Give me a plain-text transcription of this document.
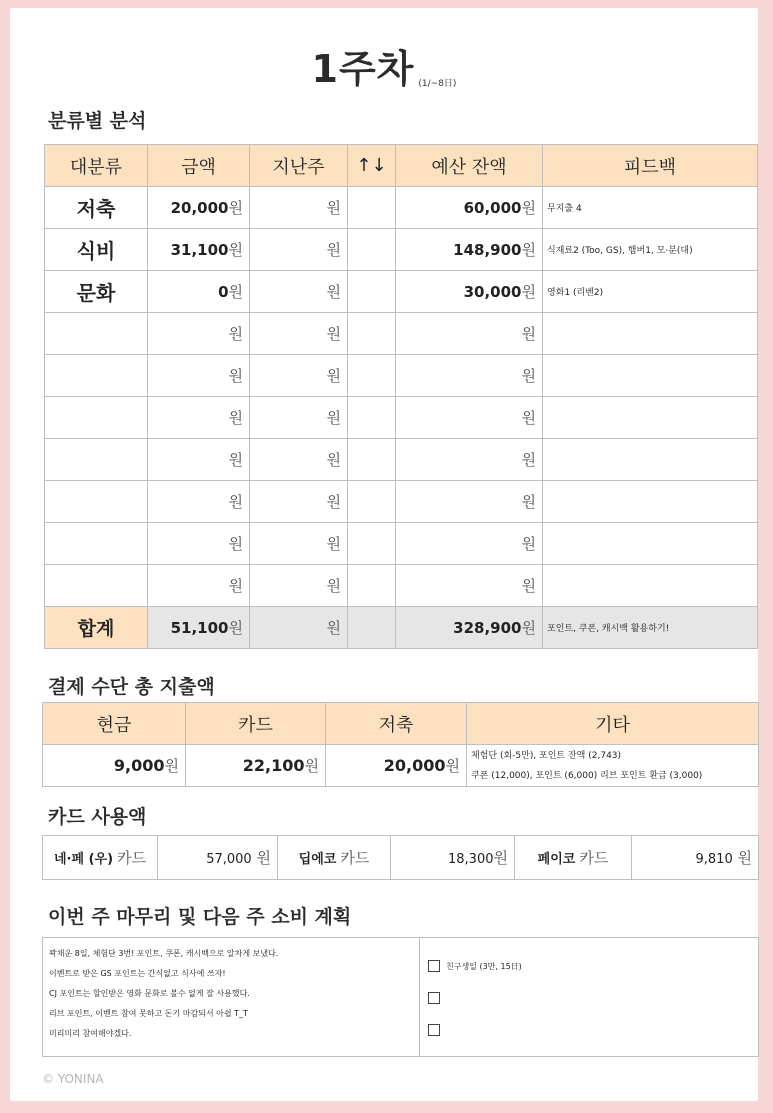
1주차 $_{(1/\sim 8日)}$
분류별 분석
대분류	금액	지난주	↑↓	예산 잔액	피드백
저축	20,000원	원		60,000원	무지출 4
식비	31,100원	원		148,900원	식재료2 (Too, GS), 햄버1, 모·분(대)
문화	0원	원		30,000원	영화1 (리벤2)
	원	원		원	
	원	원		원	
	원	원		원	
	원	원		원	
	원	원		원	
	원	원		원	
	원	원		원	
합계	51,100원	원		328,900원	포인트, 쿠폰, 캐시백 활용하기!
결제 수단 총 지출액
현금	카드	저축	기타
9,000원	22,100원	20,000원	체험단 (회-5만), 포인트 잔액 (2,743)
쿠폰 (12,000), 포인트 (6,000) 리브 포인트 환급 (3,000)
카드 사용액
네·페 (우) 카드	57,000 원	딥에코 카드	18,300원	페이코 카드	9,810 원
이번 주 마무리 및 다음 주 소비 계획
꽉채운 8일, 체험단 3번! 포인트, 쿠폰, 캐시백으로 알차게 보냈다.
이벤트로 받은 GS 포인트는 간식없고 식사에 쓰자!
CJ 포인트는 할인받은 영화 문화로 볼수 없게 잘 사용했다.
리브 포인트, 이벤트 참여 못하고 돈기 마감되서 아쉽 T_T
미리미리 참여해야겠다.

친구생일 (3만, 15日)
© YONINA
